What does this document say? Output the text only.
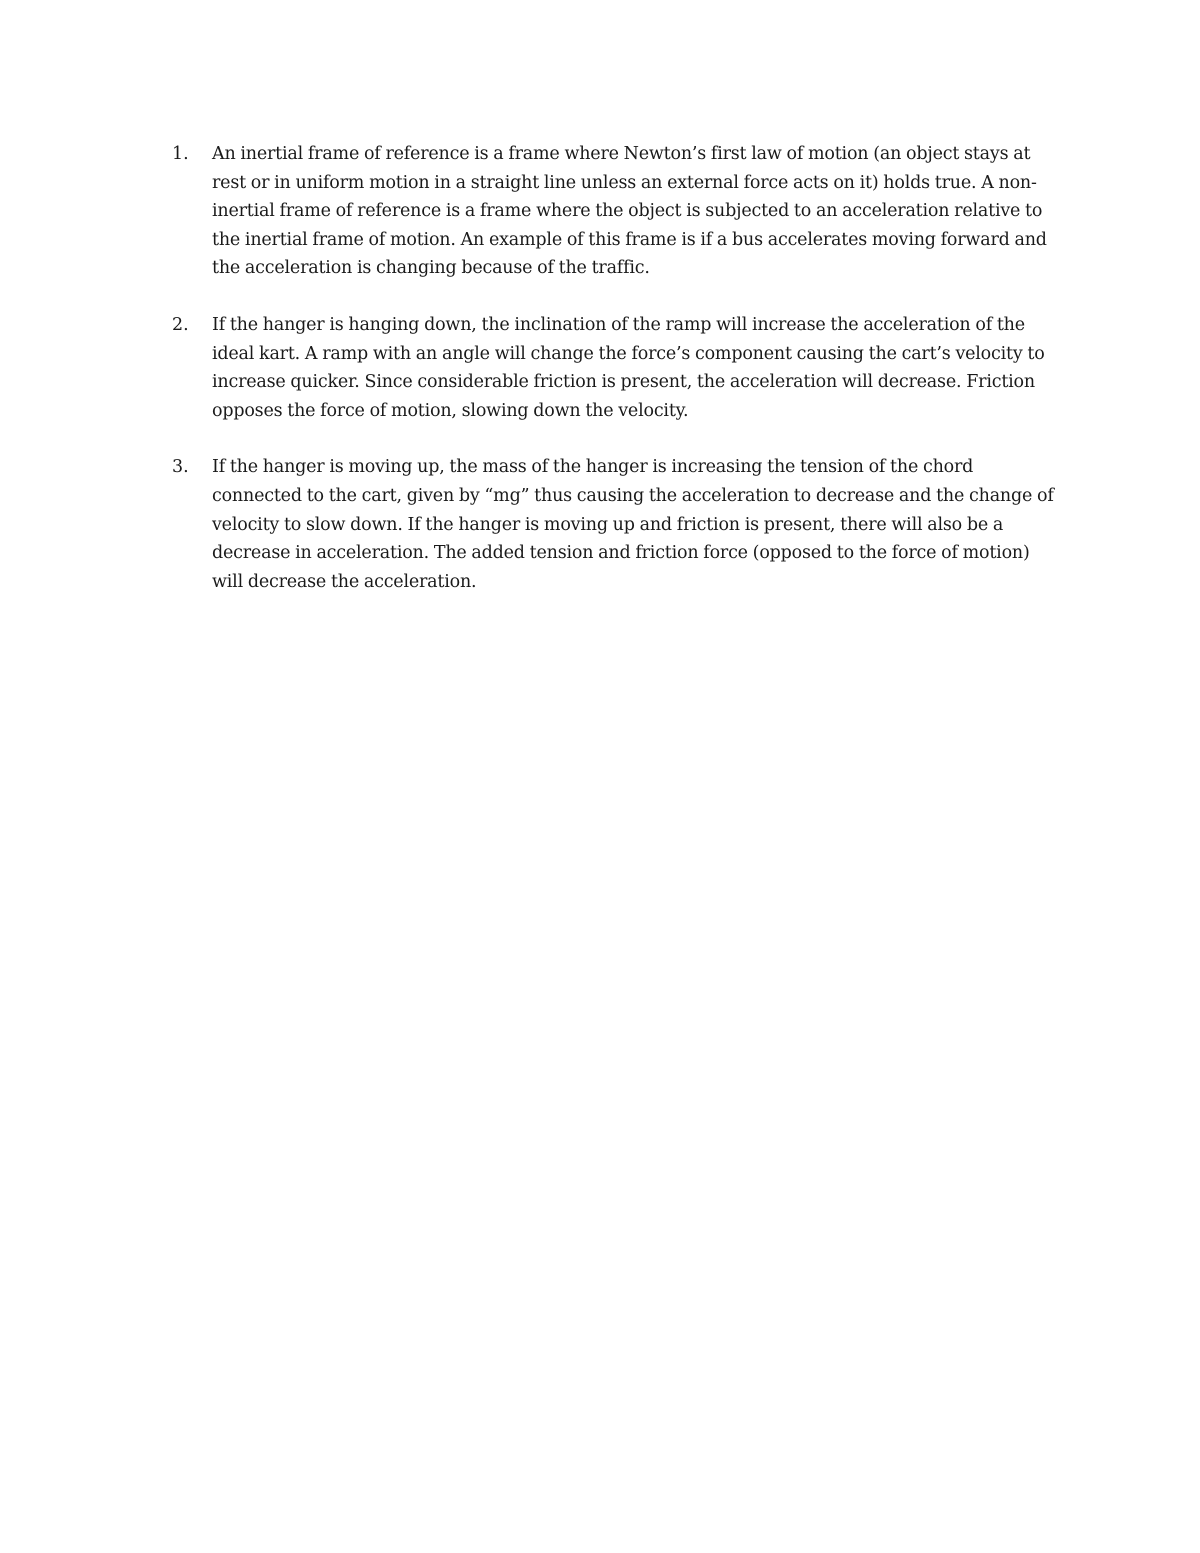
1.	An inertial frame of reference is a frame where Newton’s first law of motion (an object stays at rest or in uniform motion in a straight line unless an external force acts on it) holds true. A non-inertial frame of reference is a frame where the object is subjected to an acceleration relative to the inertial frame of motion. An example of this frame is if a bus accelerates moving forward and the acceleration is changing because of the traffic.
2.	If the hanger is hanging down, the inclination of the ramp will increase the acceleration of the ideal kart. A ramp with an angle will change the force’s component causing the cart’s velocity to increase quicker. Since considerable friction is present, the acceleration will decrease. Friction opposes the force of motion, slowing down the velocity.
3.	If the hanger is moving up, the mass of the hanger is increasing the tension of the chord connected to the cart, given by “mg” thus causing the acceleration to decrease and the change of velocity to slow down. If the hanger is moving up and friction is present, there will also be a decrease in acceleration. The added tension and friction force (opposed to the force of motion) will decrease the acceleration.
